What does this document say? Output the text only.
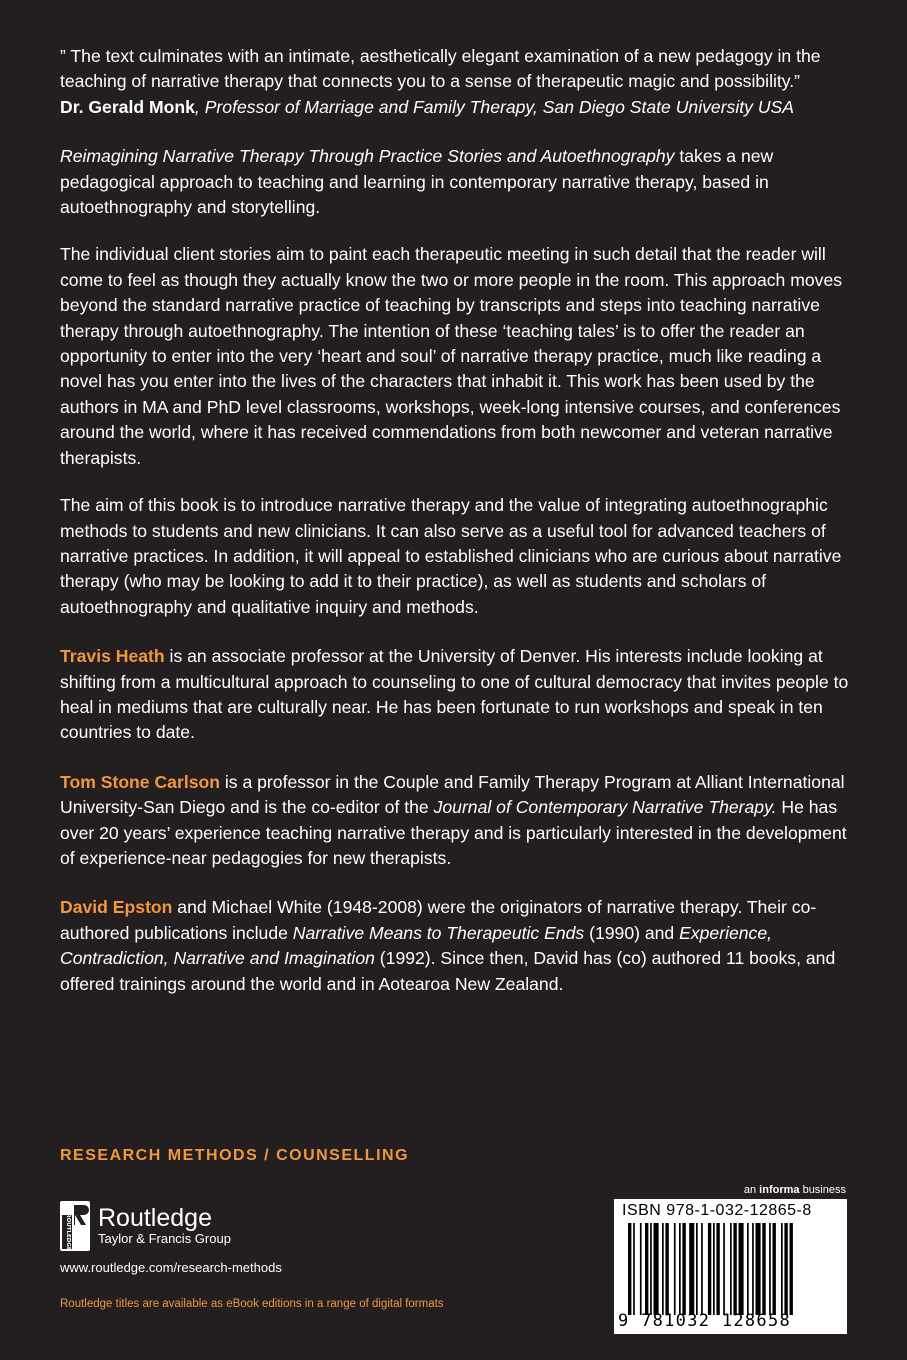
” The text culminates with an intimate, aesthetically elegant examination of a new pedagogy in the teaching of narrative therapy that connects you to a sense of therapeutic magic and possibility.”
Dr. Gerald Monk, Professor of Marriage and Family Therapy, San Diego State University USA

Reimagining Narrative Therapy Through Practice Stories and Autoethnography takes a new pedagogical approach to teaching and learning in contemporary narrative therapy, based in autoethnography and storytelling.

The individual client stories aim to paint each therapeutic meeting in such detail that the reader will come to feel as though they actually know the two or more people in the room. This approach moves beyond the standard narrative practice of teaching by transcripts and steps into teaching narrative therapy through autoethnography. The intention of these ‘teaching tales’ is to offer the reader an opportunity to enter into the very ‘heart and soul’ of narrative therapy practice, much like reading a novel has you enter into the lives of the characters that inhabit it. This work has been used by the authors in MA and PhD level classrooms, workshops, week-long intensive courses, and conferences around the world, where it has received commendations from both newcomer and veteran narrative therapists.

The aim of this book is to introduce narrative therapy and the value of integrating autoethnographic methods to students and new clinicians. It can also serve as a useful tool for advanced teachers of narrative practices. In addition, it will appeal to established clinicians who are curious about narrative therapy (who may be looking to add it to their practice), as well as students and scholars of autoethnography and qualitative inquiry and methods.

Travis Heath is an associate professor at the University of Denver. His interests include looking at shifting from a multicultural approach to counseling to one of cultural democracy that invites people to heal in mediums that are culturally near. He has been fortunate to run workshops and speak in ten countries to date.

Tom Stone Carlson is a professor in the Couple and Family Therapy Program at Alliant International University-San Diego and is the co-editor of the Journal of Contemporary Narrative Therapy. He has over 20 years’ experience teaching narrative therapy and is particularly interested in the development of experience-near pedagogies for new therapists.

David Epston and Michael White (1948-2008) were the originators of narrative therapy. Their co-authored publications include Narrative Means to Therapeutic Ends (1990) and Experience, Contradiction, Narrative and Imagination (1992). Since then, David has (co) authored 11 books, and offered trainings around the world and in Aotearoa New Zealand.

RESEARCH METHODS / COUNSELLING
ROUTLEDGE Routledge
Taylor & Francis Group
www.routledge.com/research-methods
Routledge titles are available as eBook editions in a range of digital formats
an informa business
ISBN 978-1-032-12865-8
9 781032 128658
